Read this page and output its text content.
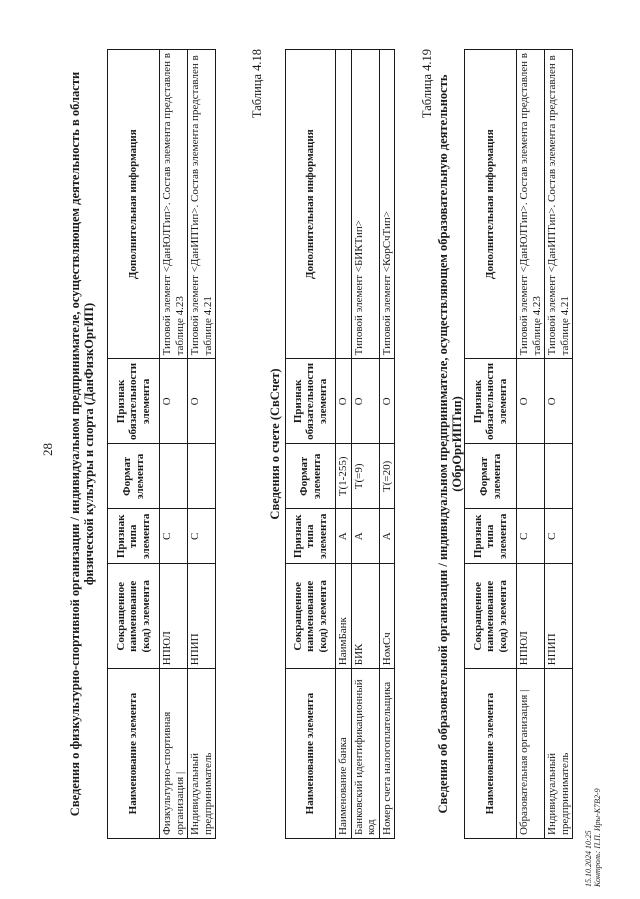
28 Сведения о физкультурно-спортивной организации / индивидуальном предпринимателе, осуществляющем деятельность в области физической культуры и спорта (ДанФизкОргИП)
Наименование элемента	Сокращенное наименование (код) элемента	Признак типа элемента	Формат элемента	Признак обязательности элемента	Дополнительная информация
Физкультурно-спортивная организация |	НПЮЛ	С		О	Типовой элемент <ДанЮЛТип>. Состав элемента представлен в таблице 4.23
Индивидуальный предприниматель	НПИП	С		О	Типовой элемент <ДанИПТип>. Состав элемента представлен в таблице 4.21
Таблица 4.18
Сведения о счете (СвСчет)
Наименование элемента	Сокращенное наименование (код) элемента	Признак типа элемента	Формат элемента	Признак обязательности элемента	Дополнительная информация
Наименование банка	НаимБанк	А	T(1-255)	О	
Банковский идентификационный код	БИК	А	T(=9)	О	Типовой элемент <БИКТип>
Номер счета налогоплательщика	НомСч	А	T(=20)	О	Типовой элемент <КорСчТип>
Таблица 4.19 Сведения об образовательной организации / индивидуальном предпринимателе, осуществляющем образовательную деятельность (ОбрОргИПТип)
Наименование элемента	Сокращенное наименование (код) элемента	Признак типа элемента	Формат элемента	Признак обязательности элемента	Дополнительная информация
Образовательная организация |	НПЮЛ	С		О	Типовой элемент <ДанЮЛТип>. Состав элемента представлен в таблице 4.23
Индивидуальный предприниматель	НПИП	С		О	Типовой элемент <ДанИПТип>. Состав элемента представлен в таблице 4.21
15.10.2024 10:25 Контроль: П.П. Иры-К7В2-9
